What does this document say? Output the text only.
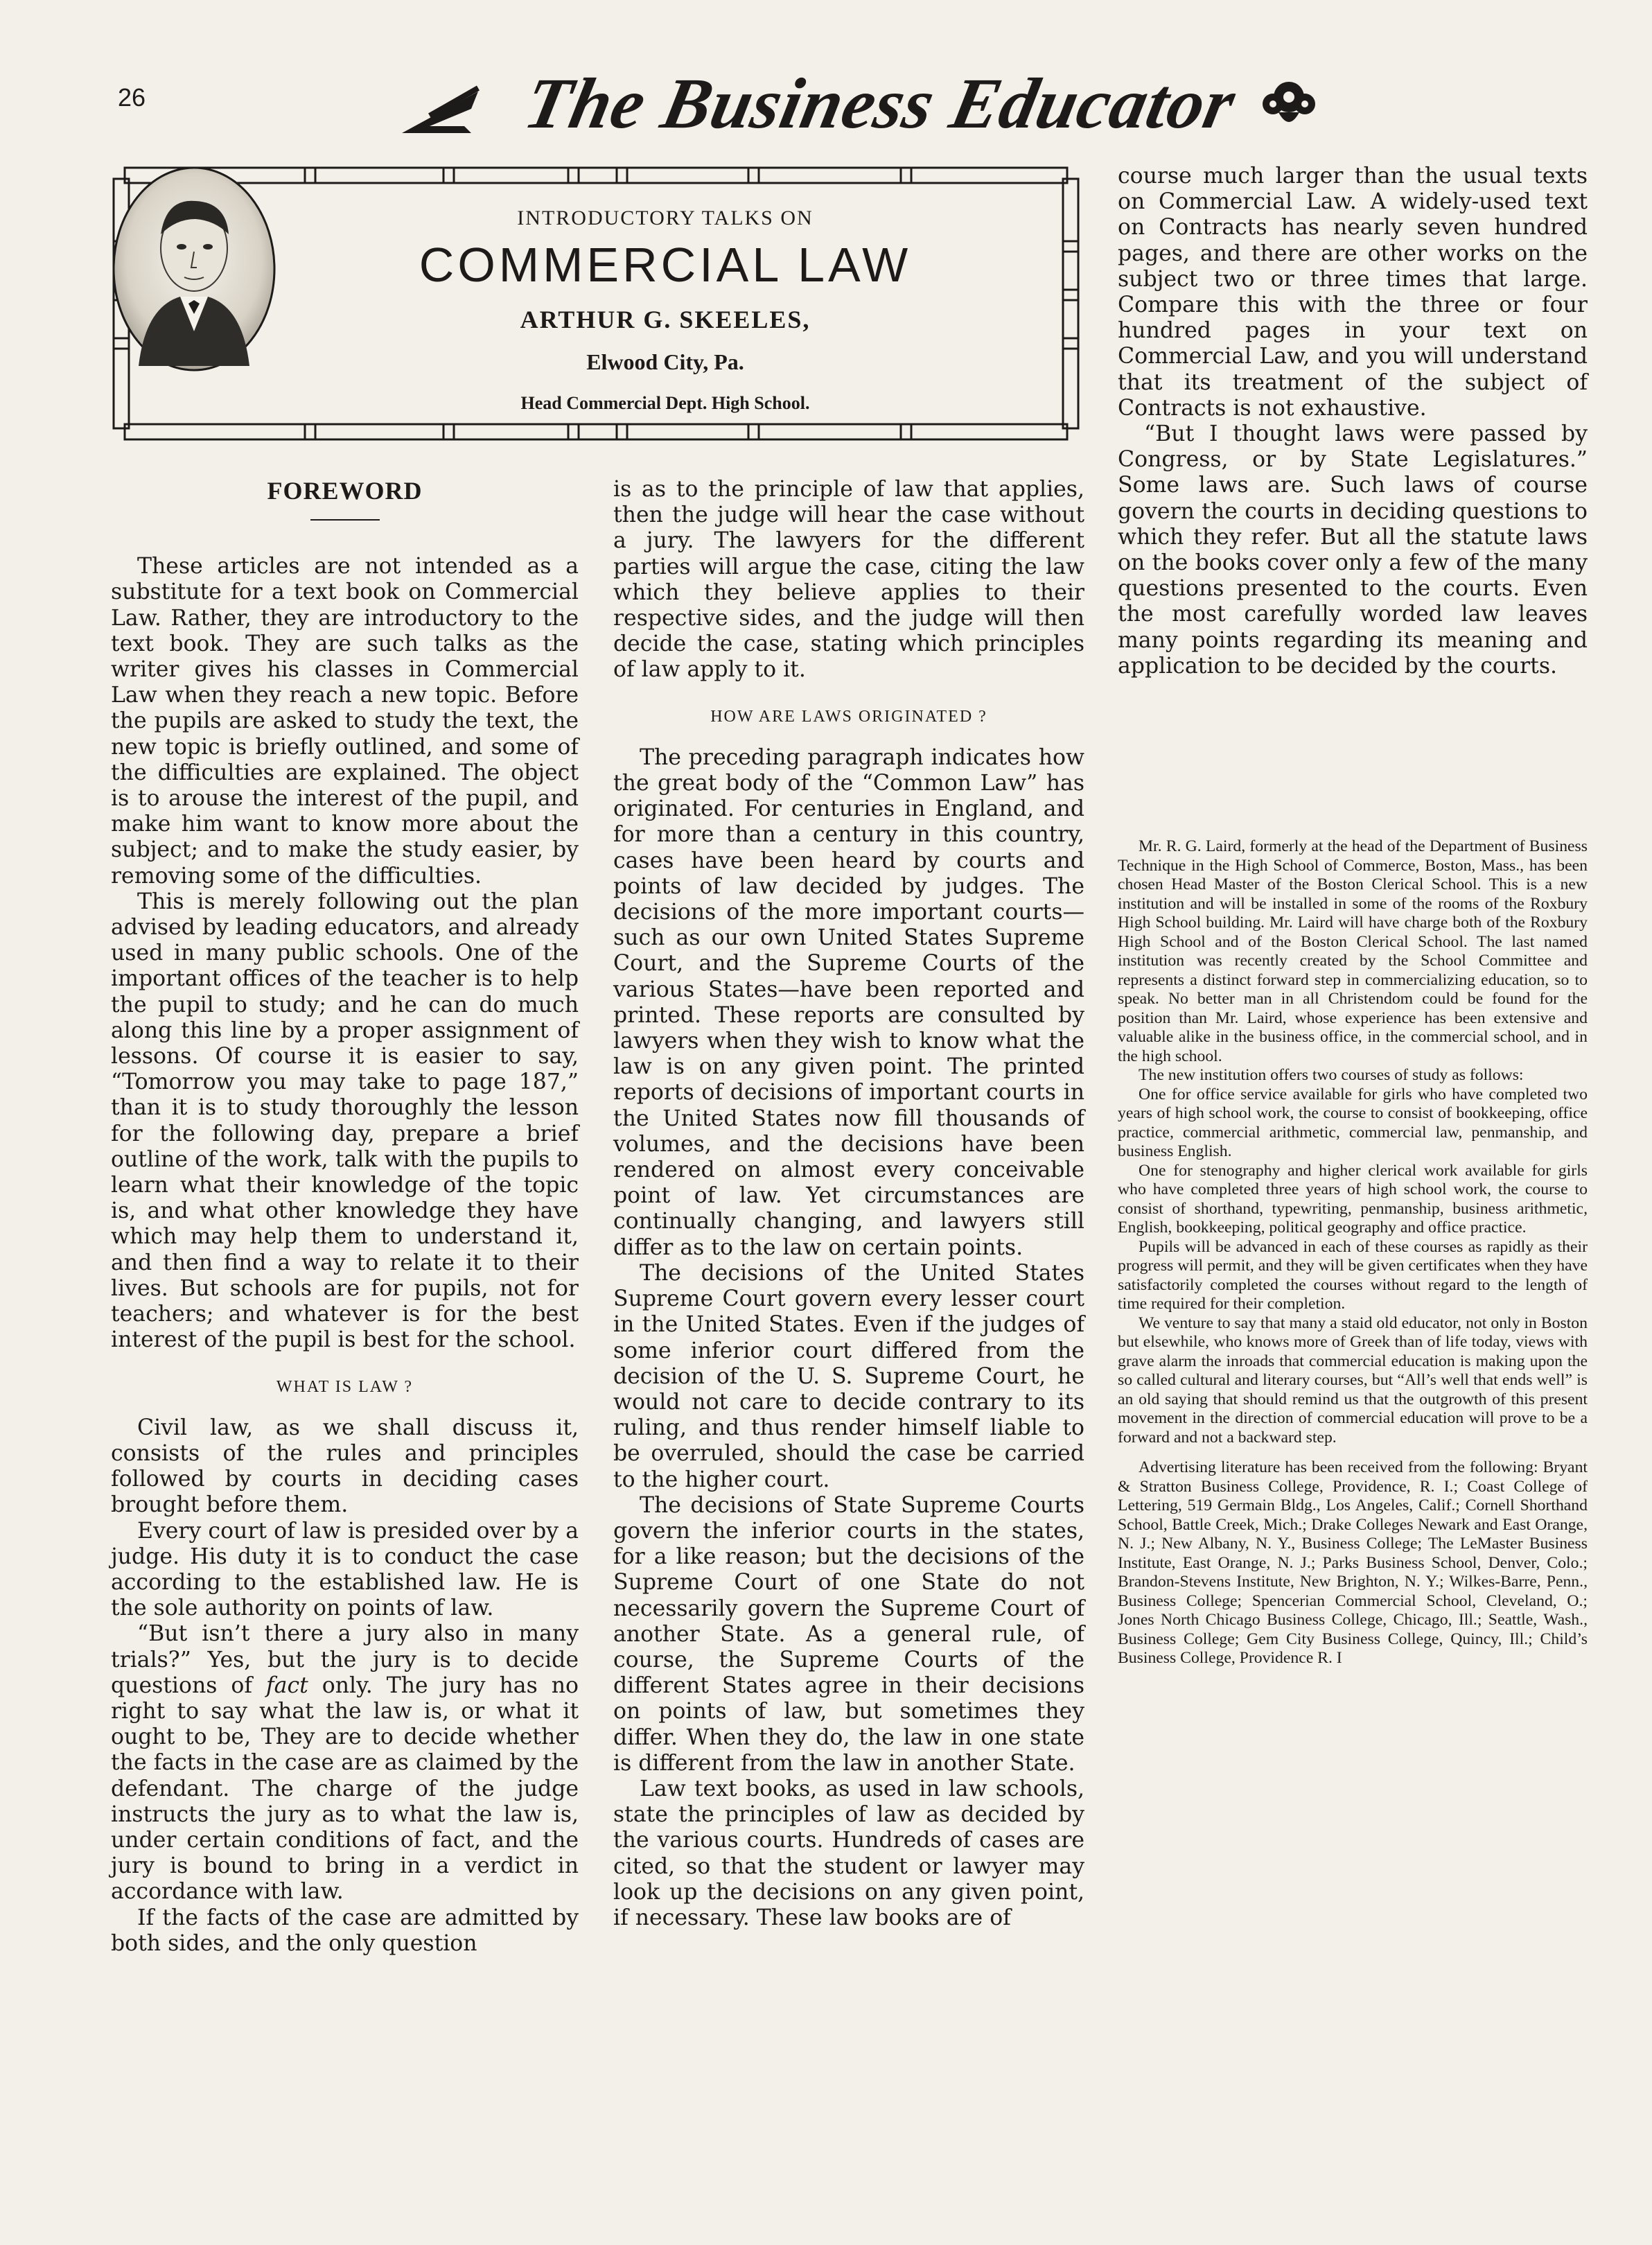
26	The Business Educator
INTRODUCTORY TALKS ON
COMMERCIAL LAW
ARTHUR G. SKEELES,
Elwood City, Pa.
Head Commercial Dept. High School.
FOREWORD

These articles are not intended as a substitute for a text book on Commercial Law. Rather, they are introductory to the text book. They are such talks as the writer gives his classes in Commercial Law when they reach a new topic. Before the pupils are asked to study the text, the new topic is briefly outlined, and some of the difficulties are explained. The object is to arouse the interest of the pupil, and make him want to know more about the subject; and to make the study easier, by removing some of the difficulties.

This is merely following out the plan advised by leading educators, and already used in many public schools. One of the important offices of the teacher is to help the pupil to study; and he can do much along this line by a proper assignment of lessons. Of course it is easier to say, “Tomorrow you may take to page 187,” than it is to study thoroughly the lesson for the following day, prepare a brief outline of the work, talk with the pupils to learn what their knowledge of the topic is, and what other knowledge they have which may help them to understand it, and then find a way to relate it to their lives. But schools are for pupils, not for teachers; and whatever is for the best interest of the pupil is best for the school.

WHAT IS LAW ?

Civil law, as we shall discuss it, consists of the rules and principles followed by courts in deciding cases brought before them.

Every court of law is presided over by a judge. His duty it is to conduct the case according to the established law. He is the sole authority on points of law.

“But isn’t there a jury also in many trials?” Yes, but the jury is to decide questions of fact only. The jury has no right to say what the law is, or what it ought to be, They are to decide whether the facts in the case are as claimed by the defendant. The charge of the judge instructs the jury as to what the law is, under certain conditions of fact, and the jury is bound to bring in a verdict in accordance with law.

If the facts of the case are admitted by both sides, and the only question

is as to the principle of law that applies, then the judge will hear the case without a jury. The lawyers for the different parties will argue the case, citing the law which they believe applies to their respective sides, and the judge will then decide the case, stating which principles of law apply to it.

HOW ARE LAWS ORIGINATED ?

The preceding paragraph indicates how the great body of the “Common Law” has originated. For centuries in England, and for more than a century in this country, cases have been heard by courts and points of law decided by judges. The decisions of the more important courts—such as our own United States Supreme Court, and the Supreme Courts of the various States—have been reported and printed. These reports are consulted by lawyers when they wish to know what the law is on any given point. The printed reports of decisions of important courts in the United States now fill thousands of volumes, and the decisions have been rendered on almost every conceivable point of law. Yet circumstances are continually changing, and lawyers still differ as to the law on certain points.

The decisions of the United States Supreme Court govern every lesser court in the United States. Even if the judges of some inferior court differed from the decision of the U. S. Supreme Court, he would not care to decide contrary to its ruling, and thus render himself liable to be overruled, should the case be carried to the higher court.

The decisions of State Supreme Courts govern the inferior courts in the states, for a like reason; but the decisions of the Supreme Court of one State do not necessarily govern the Supreme Court of another State. As a general rule, of course, the Supreme Courts of the different States agree in their decisions on points of law, but sometimes they differ. When they do, the law in one state is different from the law in another State.

Law text books, as used in law schools, state the principles of law as decided by the various courts. Hundreds of cases are cited, so that the student or lawyer may look up the decisions on any given point, if necessary. These law books are of

course much larger than the usual texts on Commercial Law. A widely-used text on Contracts has nearly seven hundred pages, and there are other works on the subject two or three times that large. Compare this with the three or four hundred pages in your text on Commercial Law, and you will understand that its treatment of the subject of Contracts is not exhaustive.

“But I thought laws were passed by Congress, or by State Legislatures.” Some laws are. Such laws of course govern the courts in deciding questions to which they refer. But all the statute laws on the books cover only a few of the many questions presented to the courts. Even the most carefully worded law leaves many points regarding its meaning and application to be decided by the courts.

Mr. R. G. Laird, formerly at the head of the Department of Business Technique in the High School of Commerce, Boston, Mass., has been chosen Head Master of the Boston Clerical School. This is a new institution and will be installed in some of the rooms of the Roxbury High School building. Mr. Laird will have charge both of the Roxbury High School and of the Boston Clerical School. The last named institution was recently created by the School Committee and represents a distinct forward step in commercializing education, so to speak. No better man in all Christendom could be found for the position than Mr. Laird, whose experience has been extensive and valuable alike in the business office, in the commercial school, and in the high school.

The new institution offers two courses of study as follows:

One for office service available for girls who have completed two years of high school work, the course to consist of bookkeeping, office practice, commercial arithmetic, commercial law, penmanship, and business English.

One for stenography and higher clerical work available for girls who have completed three years of high school work, the course to consist of shorthand, typewriting, penmanship, business arithmetic, English, bookkeeping, political geography and office practice.

Pupils will be advanced in each of these courses as rapidly as their progress will permit, and they will be given certificates when they have satisfactorily completed the courses without regard to the length of time required for their completion.

We venture to say that many a staid old educator, not only in Boston but elsewhile, who knows more of Greek than of life today, views with grave alarm the inroads that commercial education is making upon the so called cultural and literary courses, but “All’s well that ends well” is an old saying that should remind us that the outgrowth of this present movement in the direction of commercial education will prove to be a forward and not a backward step.

Advertising literature has been received from the following: Bryant & Stratton Business College, Providence, R. I.; Coast College of Lettering, 519 Germain Bldg., Los Angeles, Calif.; Cornell Shorthand School, Battle Creek, Mich.; Drake Colleges Newark and East Orange, N. J.; New Albany, N. Y., Business College; The LeMaster Business Institute, East Orange, N. J.; Parks Business School, Denver, Colo.; Brandon-Stevens Institute, New Brighton, N. Y.; Wilkes-Barre, Penn., Business College; Spencerian Commercial School, Cleveland, O.; Jones North Chicago Business College, Chicago, Ill.; Seattle, Wash., Business College; Gem City Business College, Quincy, Ill.; Child’s Business College, Providence R. I
